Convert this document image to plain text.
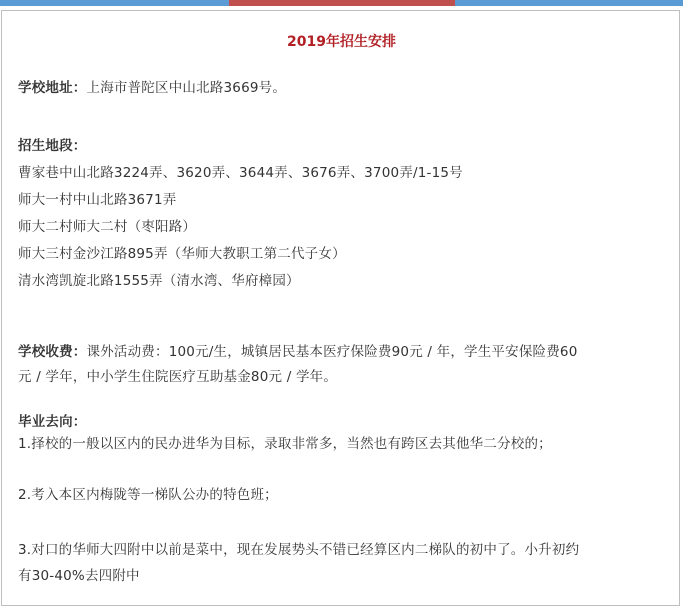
2019年招生安排
学校地址：上海市普陀区中山北路3669号。
招生地段：
曹家巷中山北路3224弄、3620弄、3644弄、3676弄、3700弄/1-15号
师大一村中山北路3671弄
师大二村师大二村（枣阳路）
师大三村金沙江路895弄（华师大教职工第二代子女）
清水湾凯旋北路1555弄（清水湾、华府樟园）
学校收费：课外活动费：100元/生，城镇居民基本医疗保险费90元 / 年，学生平安保险费60
元 / 学年，中小学生住院医疗互助基金80元 / 学年。
毕业去向：
1.择校的一般以区内的民办进华为目标，录取非常多，当然也有跨区去其他华二分校的；
2.考入本区内梅陇等一梯队公办的特色班；
3.对口的华师大四附中以前是菜中，现在发展势头不错已经算区内二梯队的初中了。小升初约
有30-40%去四附中
